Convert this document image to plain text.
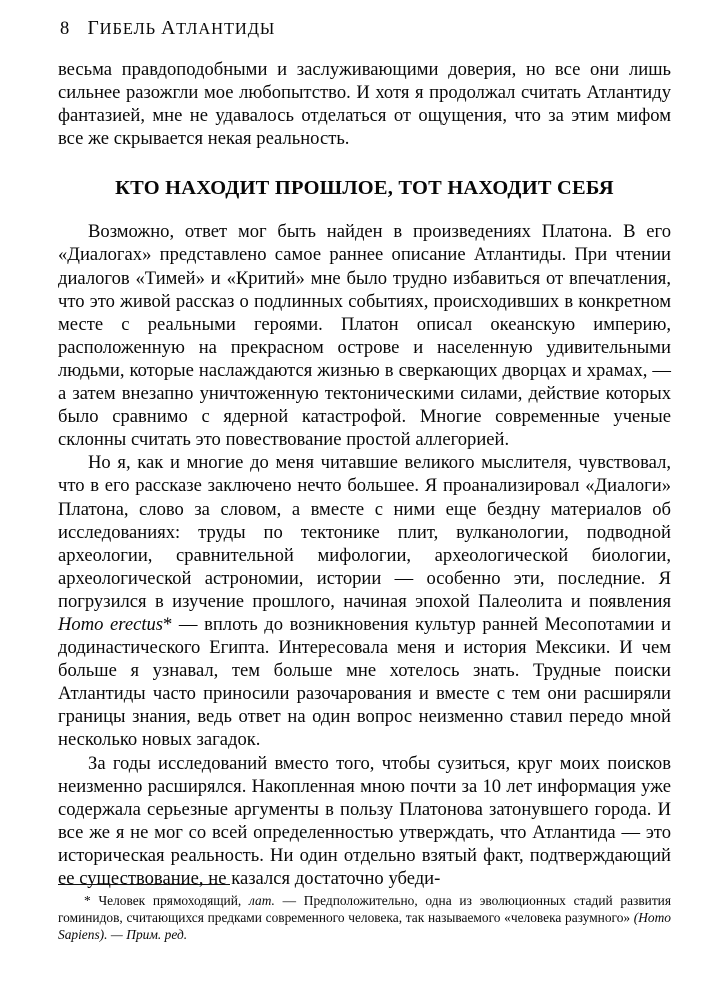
8 ГИБЕЛЬ АТЛАНТИДЫ

весьма правдоподобными и заслуживающими доверия, но все они лишь сильнее разожгли мое любопытство. И хотя я продолжал считать Атлантиду фантазией, мне не удавалось отделаться от ощущения, что за этим мифом все же скрывается некая реальность.

КТО НАХОДИТ ПРОШЛОЕ, ТОТ НАХОДИТ СЕБЯ

Возможно, ответ мог быть найден в произведениях Платона. В его «Диалогах» представлено самое раннее описание Атлантиды. При чтении диалогов «Тимей» и «Критий» мне было трудно избавиться от впечатления, что это живой рассказ о подлинных событиях, происходивших в конкретном месте с реальными героями. Платон описал океанскую империю, расположенную на прекрасном острове и населенную удивительными людьми, которые наслаждаются жизнью в сверкающих дворцах и храмах, — а затем внезапно уничтоженную тектоническими силами, действие которых было сравнимо с ядерной катастрофой. Многие современные ученые склонны считать это повествование простой аллегорией.

Но я, как и многие до меня читавшие великого мыслителя, чувствовал, что в его рассказе заключено нечто большее. Я проанализировал «Диалоги» Платона, слово за словом, а вместе с ними еще бездну материалов об исследованиях: труды по тектонике плит, вулканологии, подводной археологии, сравнительной мифологии, археологической биологии, археологической астрономии, истории — особенно эти, последние. Я погрузился в изучение прошлого, начиная эпохой Палеолита и появления Homo erectus* — вплоть до возникновения культур ранней Месопотамии и додинастического Египта. Интересовала меня и история Мексики. И чем больше я узнавал, тем больше мне хотелось знать. Трудные поиски Атлантиды часто приносили разочарования и вместе с тем они расширяли границы знания, ведь ответ на один вопрос неизменно ставил передо мной несколько новых загадок.

За годы исследований вместо того, чтобы сузиться, круг моих поисков неизменно расширялся. Накопленная мною почти за 10 лет информация уже содержала серьезные аргументы в пользу Платонова затонувшего города. И все же я не мог со всей определенностью утверждать, что Атлантида — это историческая реальность. Ни один отдельно взятый факт, подтверждающий ее существование, не казался достаточно убеди-

* Человек прямоходящий, лат. — Предположительно, одна из эволюционных стадий развития гоминидов, считающихся предками современного человека, так называемого «человека разумного» (Homo Sapiens). — Прим. ред.
